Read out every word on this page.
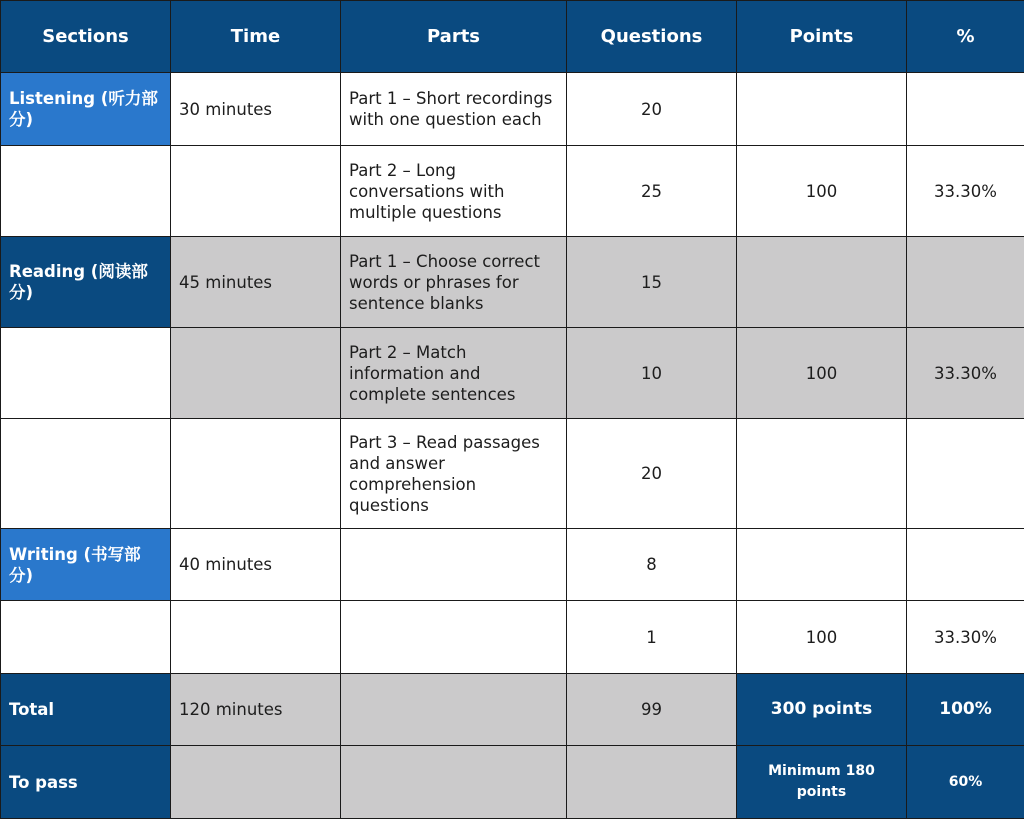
Sections	Time	Parts	Questions	Points	%
Listening (听力部分)	30 minutes	Part 1 – Short recordings with one question each	20		
		Part 2 – Long conversations with multiple questions	25	100	33.30%
Reading (阅读部分)	45 minutes	Part 1 – Choose correct words or phrases for sentence blanks	15		
		Part 2 – Match information and complete sentences	10	100	33.30%
		Part 3 – Read passages and answer comprehension questions	20		
Writing (书写部分)	40 minutes		8		
			1	100	33.30%
Total	120 minutes		99	300 points	100%
To pass				Minimum 180 points	60%
